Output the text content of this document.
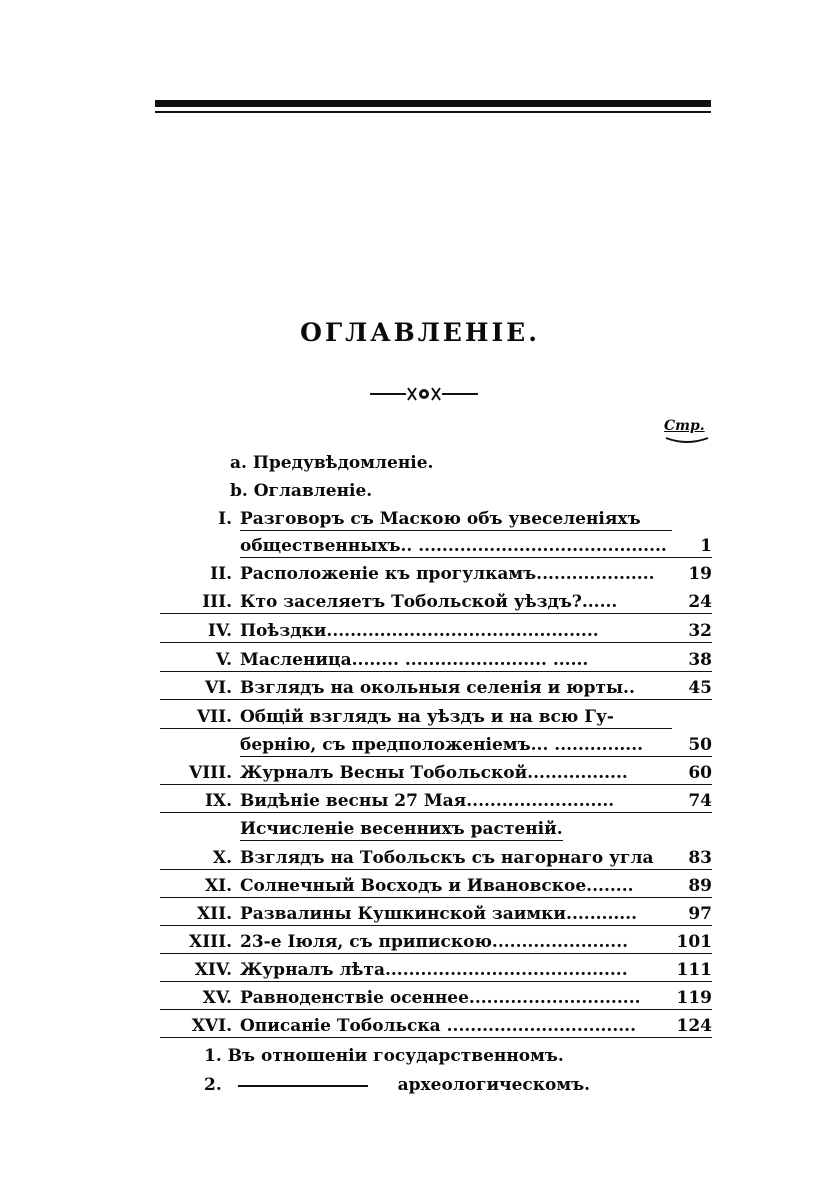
ОГЛАВЛЕНІЕ.
Стр.
a. Предувѣдомленіе.
b. Оглавленіе.
I. Разговоръ съ Маскою объ увеселеніяхъ
общественныхъ.. ..........................................	1
II. Расположеніе къ прогулкамъ....................	19
III. Кто заселяетъ Тобольской уѣздъ?......	24
IV. Поѣздки..............................................	32
V. Масленица........ ........................ ......	38
VI. Взглядъ на окольныя селенія и юрты..	45
VII. Общій взглядъ на уѣздъ и на всю Гу-
бернію, съ предположеніемъ... ...............	50
VIII. Журналъ Весны Тобольской.................	60
IX. Видѣніе весны 27 Мая.........................	74
Исчисленіе весеннихъ растеній.
X. Взглядъ на Тобольскъ съ нагорнаго угла	83
XI. Солнечный Восходъ и Ивановское........	89
XII. Развалины Кушкинской заимки............	97
XIII. 23-е Іюля, съ припискою.......................	101
XIV. Журналъ лѣта.........................................	111
XV. Равноденствіе осеннее.............................	119
XVI. Описаніе Тобольска ................................	124
1. Въ отношеніи государственномъ.
2.	археологическомъ.
